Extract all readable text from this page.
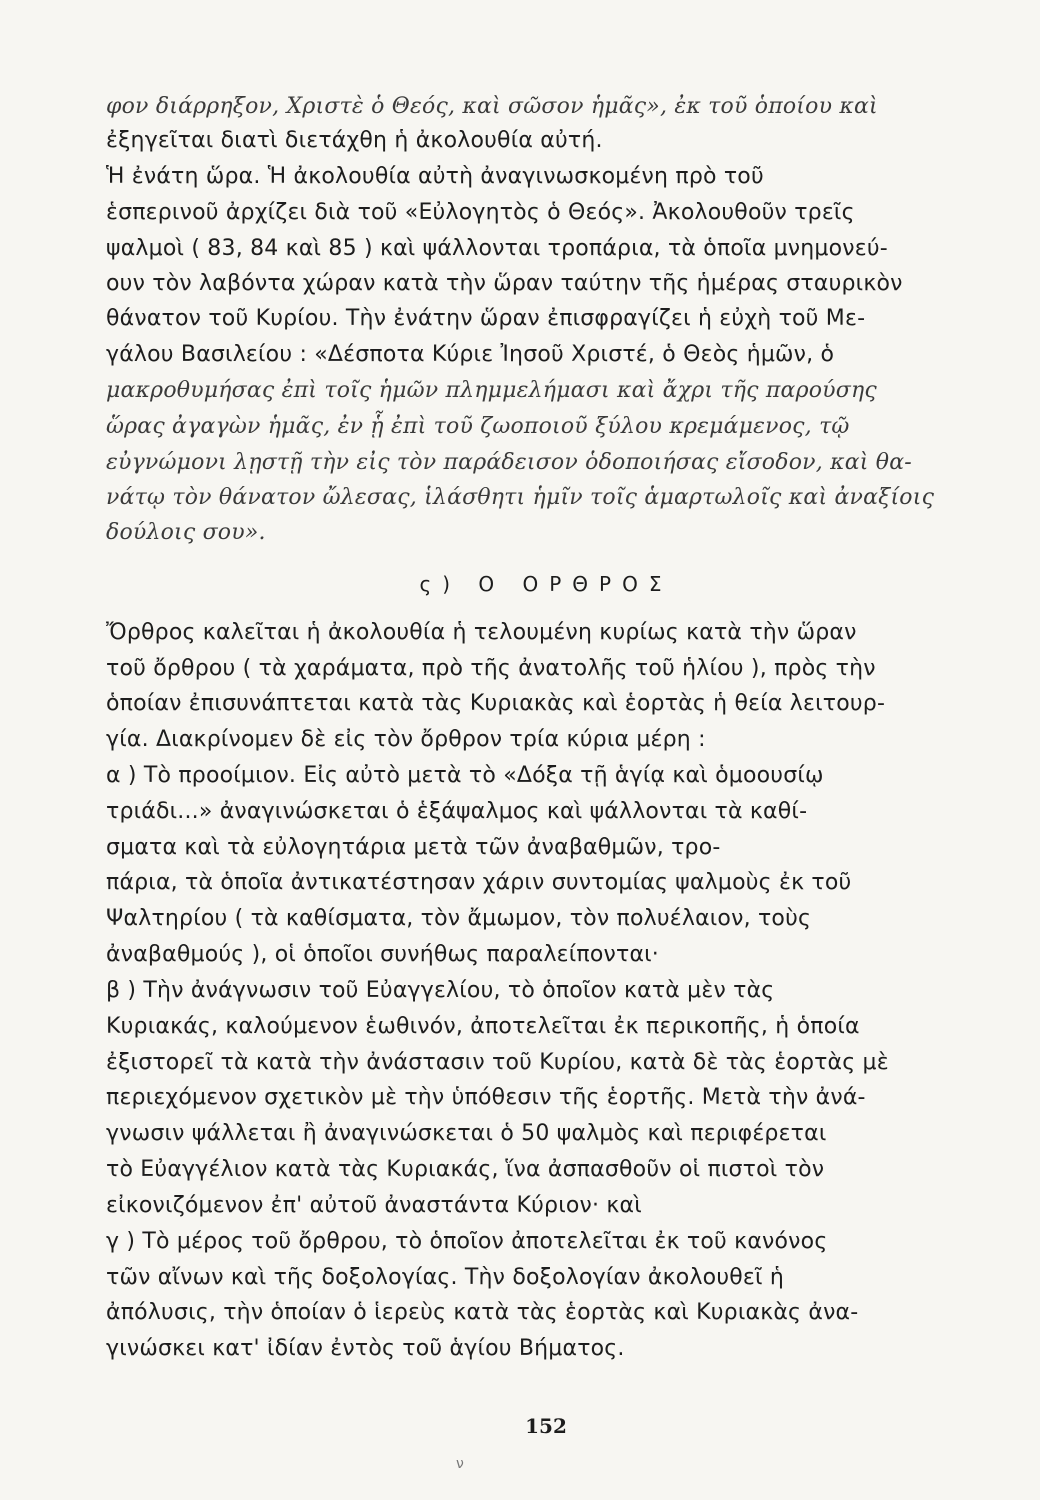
φον διάρρηξον, Χριστὲ ὁ Θεός, καὶ σῶσον ἡμᾶς», ἐκ τοῦ ὁποίου καὶ
ἐξηγεῖται διατὶ διετάχθη ἡ ἀκολουθία αὐτή.
Ἡ ἐνάτη ὥρα. Ἡ ἀκολουθία αὐτὴ ἀναγινωσκομένη πρὸ τοῦ
ἑσπερινοῦ ἀρχίζει διὰ τοῦ «Εὐλογητὸς ὁ Θεός». Ἀκολουθοῦν τρεῖς
ψαλμοὶ ( 83, 84 καὶ 85 ) καὶ ψάλλονται τροπάρια, τὰ ὁποῖα μνημονεύ-
ουν τὸν λαβόντα χώραν κατὰ τὴν ὥραν ταύτην τῆς ἡμέρας σταυρικὸν
θάνατον τοῦ Κυρίου. Τὴν ἐνάτην ὥραν ἐπισφραγίζει ἡ εὐχὴ τοῦ Με-
γάλου Βασιλείου : «Δέσποτα Κύριε Ἰησοῦ Χριστέ, ὁ Θεὸς ἡμῶν, ὁ
μακροθυμήσας ἐπὶ τοῖς ἡμῶν πλημμελήμασι καὶ ἄχρι τῆς παρούσης
ὥρας ἀγαγὼν ἡμᾶς, ἐν ᾗ ἐπὶ τοῦ ζωοποιοῦ ξύλου κρεμάμενος, τῷ
εὐγνώμονι λῃστῇ τὴν εἰς τὸν παράδεισον ὁδοποιήσας εἴσοδον, καὶ θα-
νάτῳ τὸν θάνατον ὤλεσας, ἱλάσθητι ἡμῖν τοῖς ἁμαρτωλοῖς καὶ ἀναξίοις
δούλοις σου».
ς) Ο ΟΡΘΡΟΣ
Ὄρθρος καλεῖται ἡ ἀκολουθία ἡ τελουμένη κυρίως κατὰ τὴν ὥραν
τοῦ ὄρθρου ( τὰ χαράματα, πρὸ τῆς ἀνατολῆς τοῦ ἡλίου ), πρὸς τὴν
ὁποίαν ἐπισυνάπτεται κατὰ τὰς Κυριακὰς καὶ ἑορτὰς ἡ θεία λειτουρ-
γία. Διακρίνομεν δὲ εἰς τὸν ὄρθρον τρία κύρια μέρη :
α ) Τὸ προοίμιον. Εἰς αὐτὸ μετὰ τὸ «Δόξα τῇ ἁγίᾳ καὶ ὁμοουσίῳ
τριάδι...» ἀναγινώσκεται ὁ ἑξάψαλμος καὶ ψάλλονται τὰ καθί-
σματα καὶ τὰ εὐλογητάρια μετὰ τῶν ἀναβαθμῶν, τρο-
πάρια, τὰ ὁποῖα ἀντικατέστησαν χάριν συντομίας ψαλμοὺς ἐκ τοῦ
Ψαλτηρίου ( τὰ καθίσματα, τὸν ἄμωμον, τὸν πολυέλαιον, τοὺς
ἀναβαθμούς ), οἱ ὁποῖοι συνήθως παραλείπονται·
β ) Τὴν ἀνάγνωσιν τοῦ Εὐαγγελίου, τὸ ὁποῖον κατὰ μὲν τὰς
Κυριακάς, καλούμενον ἑωθινόν, ἀποτελεῖται ἐκ περικοπῆς, ἡ ὁποία
ἐξιστορεῖ τὰ κατὰ τὴν ἀνάστασιν τοῦ Κυρίου, κατὰ δὲ τὰς ἑορτὰς μὲ
περιεχόμενον σχετικὸν μὲ τὴν ὑπόθεσιν τῆς ἑορτῆς. Μετὰ τὴν ἀνά-
γνωσιν ψάλλεται ἢ ἀναγινώσκεται ὁ 50 ψαλμὸς καὶ περιφέρεται
τὸ Εὐαγγέλιον κατὰ τὰς Κυριακάς, ἵνα ἀσπασθοῦν οἱ πιστοὶ τὸν
εἰκονιζόμενον ἐπ' αὐτοῦ ἀναστάντα Κύριον· καὶ
γ ) Τὸ μέρος τοῦ ὄρθρου, τὸ ὁποῖον ἀποτελεῖται ἐκ τοῦ κανόνος
τῶν αἴνων καὶ τῆς δοξολογίας. Τὴν δοξολογίαν ἀκολουθεῖ ἡ
ἀπόλυσις, τὴν ὁποίαν ὁ ἱερεὺς κατὰ τὰς ἑορτὰς καὶ Κυριακὰς ἀνα-
γινώσκει κατ' ἰδίαν ἐντὸς τοῦ ἁγίου Βήματος.
152
ν
